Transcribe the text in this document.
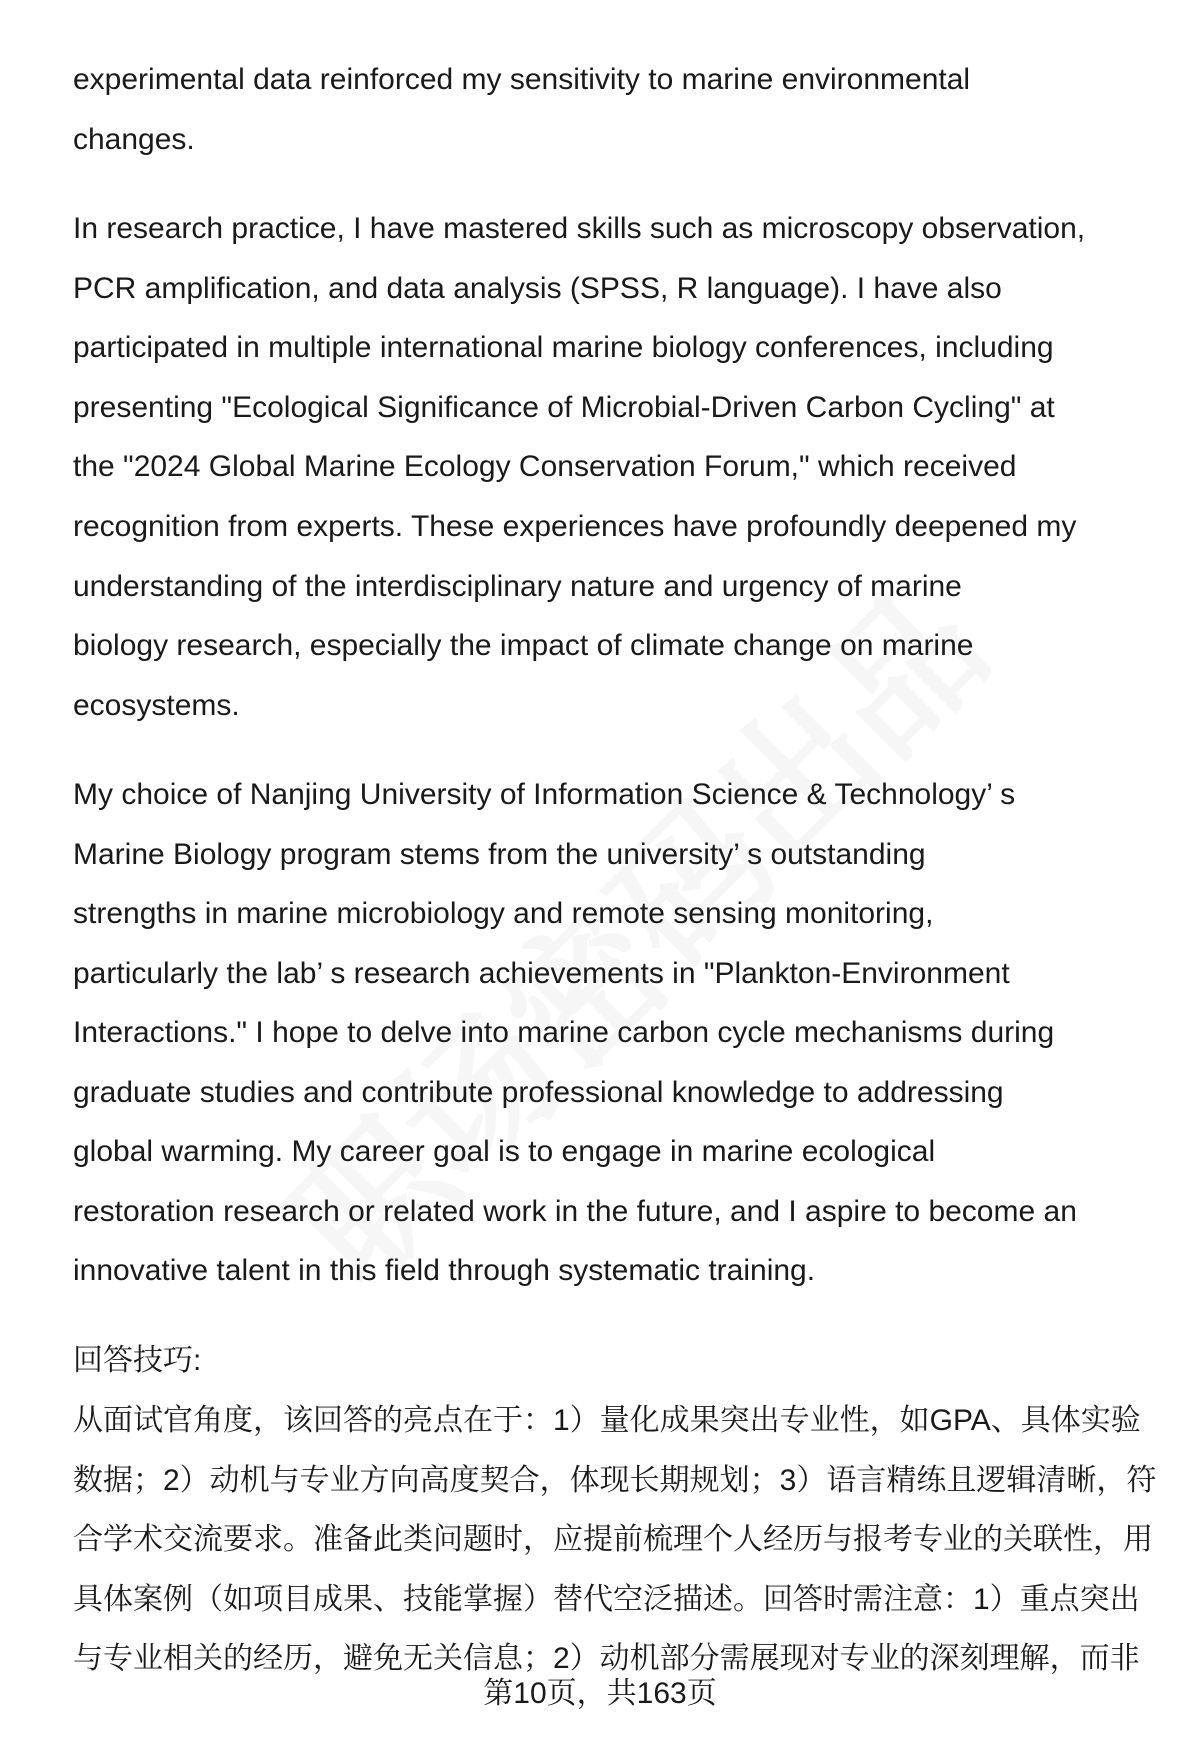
experimental data reinforced my sensitivity to marine environmental
changes.
In research practice, I have mastered skills such as microscopy observation,
PCR amplification, and data analysis (SPSS, R language). I have also
participated in multiple international marine biology conferences, including
presenting "Ecological Significance of Microbial-Driven Carbon Cycling" at
the "2024 Global Marine Ecology Conservation Forum," which received
recognition from experts. These experiences have profoundly deepened my
understanding of the interdisciplinary nature and urgency of marine
biology research, especially the impact of climate change on marine
ecosystems.
My choice of Nanjing University of Information Science & Technology’ s
Marine Biology program stems from the university’ s outstanding
strengths in marine microbiology and remote sensing monitoring,
particularly the lab’ s research achievements in "Plankton-Environment
Interactions." I hope to delve into marine carbon cycle mechanisms during
graduate studies and contribute professional knowledge to addressing
global warming. My career goal is to engage in marine ecological
restoration research or related work in the future, and I aspire to become an
innovative talent in this field through systematic training.
回答技巧:
从面试官角度，该回答的亮点在于：1）量化成果突出专业性，如GPA、具体实验
数据；2）动机与专业方向高度契合，体现长期规划；3）语言精练且逻辑清晰，符
合学术交流要求。准备此类问题时，应提前梳理个人经历与报考专业的关联性，用
具体案例（如项目成果、技能掌握）替代空泛描述。回答时需注意：1）重点突出
与专业相关的经历，避免无关信息；2）动机部分需展现对专业的深刻理解，而非
第10页，共163页
